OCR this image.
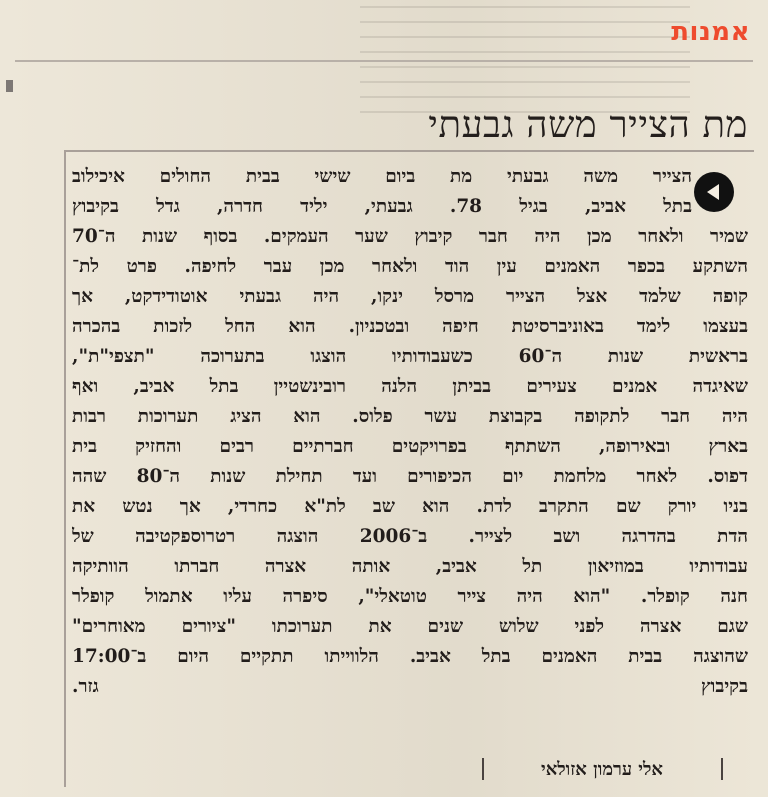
אמנות
מת הצייר משה גבעתי
הצייר משה גבעתי מת ביום שישי בבית החולים איכילוב
בתל אביב, בגיל 78. גבעתי, יליד חדרה, גדל בקיבוץ
שמיר ולאחר מכן היה חבר קיבוץ שער העמקים. בסוף שנות ה־70
השתקע בכפר האמנים עין הוד ולאחר מכן עבר לחיפה. פרט לת־
קופה שלמד אצל הצייר מרסל ינקו, היה גבעתי אוטודידקט, אך
בעצמו לימד באוניברסיטת חיפה ובטכניון. הוא החל לזכות בהכרה
בראשית שנות ה־60 כשעבודותיו הוצגו בתערוכה "תצפי"ת",
שאיגדה אמנים צעירים בביתן הלנה רובינשטיין בתל אביב, ואף
היה חבר לתקופה בקבוצת עשר פלוס. הוא הציג תערוכות רבות
בארץ ובאירופה, השתתף בפרויקטים חברתיים רבים והחזיק בית
דפוס. לאחר מלחמת יום הכיפורים ועד תחילת שנות ה־80 שהה
בניו יורק שם התקרב לדת. הוא שב לת"א כחרדי, אך נטש את
הדת בהדרגה ושב לצייר. ב־2006 הוצגה רטרוספקטיבה של
עבודותיו במוזיאון תל אביב, אותה אצרה חברתו הוותיקה
חנה קופלר. "הוא היה צייר טוטאלי", סיפרה עליו אתמול קופלר
שגם אצרה לפני שלוש שנים את תערוכתו "ציורים מאוחרים"
שהוצגה בבית האמנים בתל אביב. הלווייתו תתקיים היום ב־17:00
בקיבוץ גזר.
אלי ערמון אזולאי
